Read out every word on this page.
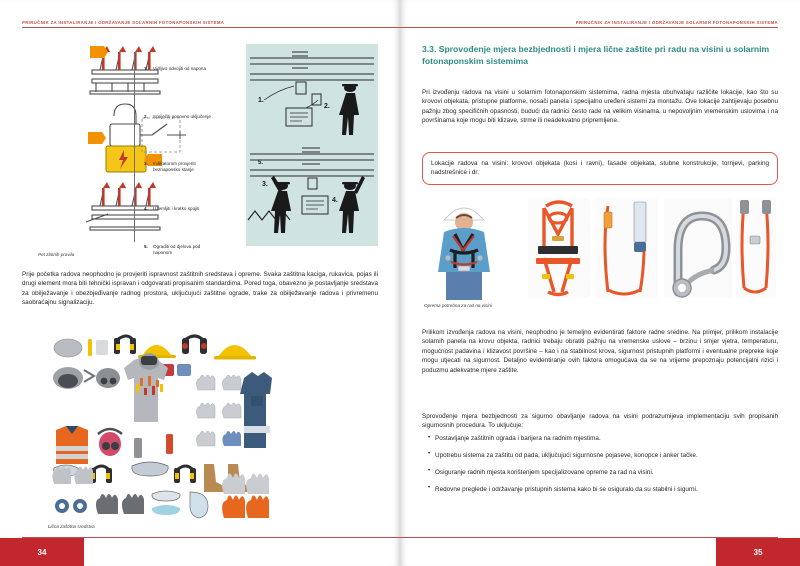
PRIRUČNIK ZA INSTALIRANJE I ODRŽAVANJE SOLARNIH FOTONAPONSKIH SISTEMA
1. Vidljivo odvojiti od napona
2. Spriječiti ponovno uključenje
3. Indikatorom provjeriti beznaponsko stanje
4. Uzemljiti i kratko spojiti
5. Ograditi od djelova pod naponom
1.
2.
3.
4.
5.

Pet zlatnih pravila

Prije početka radova neophodno je provjeriti ispravnost zaštitnih sredstava i opreme. Svaka zaštitna kaciga, rukavica, pojas ili drugi element mora biti tehnički ispravan i odgovarati propisanim standardima. Pored toga, obavezno je postavljanje sredstava za obilježavanje i obezbjeđivanje radnog prostora, uključujući zaštitne ograde, trake za obilježavanje radova i privremenu saobraćajnu signalizaciju.

Lična zaštitna sredstva

34
PRIRUČNIK ZA INSTALIRANJE I ODRŽAVANJE SOLARNIH FOTONAPONSKIH SISTEMA
3.3. Sprovođenje mjera bezbjednosti i mjera lične zaštite pri radu na visini u solarnim fotonaponskim sistemima

Pri izvođenju radova na visini u solarnim fotonaponskim sistemima, radna mjesta obuhvataju različite lokacije, kao što su krovovi objekata, pristupne platforme, nosači panela i specijalno uređeni sistemi za montažu. Ove lokacije zahtijevaju posebnu pažnju zbog specifičnih opasnosti, budući da radnici često rade na velikim visinama, u nepovoljnim vremenskim uslovima i na površinama koje mogu biti klizave, strme ili neadekvatno pripremljene.

Lokacije radova na visini: krovovi objekata (kosi i ravni), fasade objekata, stubne konstrukcije, tornjevi, parking nadstrešnice i dr.

Oprema potrebna za rad na visini

Prilikom izvođenja radova na visini, neophodno je temeljno evidentirati faktore radne sredine. Na primjer, prilikom instalacije solarnih panela na krovu objekta, radnici trebaju obratiti pažnju na vremenske uslove – brzinu i smjer vjetra, temperaturu, mogućnost padavina i klizavost površine – kao i na stabilnost krova, sigurnost pristupnih platformi i eventualne prepreke koje mogu utjecati na sigurnost. Detaljno evidentiranje ovih faktora omogućava da se na vrijeme prepoznaju potencijalni rizici i poduzmu adekvatne mjere zaštite.

Sprovođenje mjera bezbjednosti za sigurno obavljanje radova na visini podrazumijeva implementaciju svih propisanih sigurnosnih procedura. To uključuje:

• Postavljanje zaštitnih ograda i barijera na radnim mjestima.
• Upotrebu sistema za zaštitu od pada, uključujući sigurnosne pojaseve, konopce i anker tačke.
• Osiguranje radnih mjesta korištenjem specijalizovane opreme za rad na visini.
• Redovne preglede i održavanje pristupnih sistema kako bi se osiguralo da su stabilni i sigurni.
35
